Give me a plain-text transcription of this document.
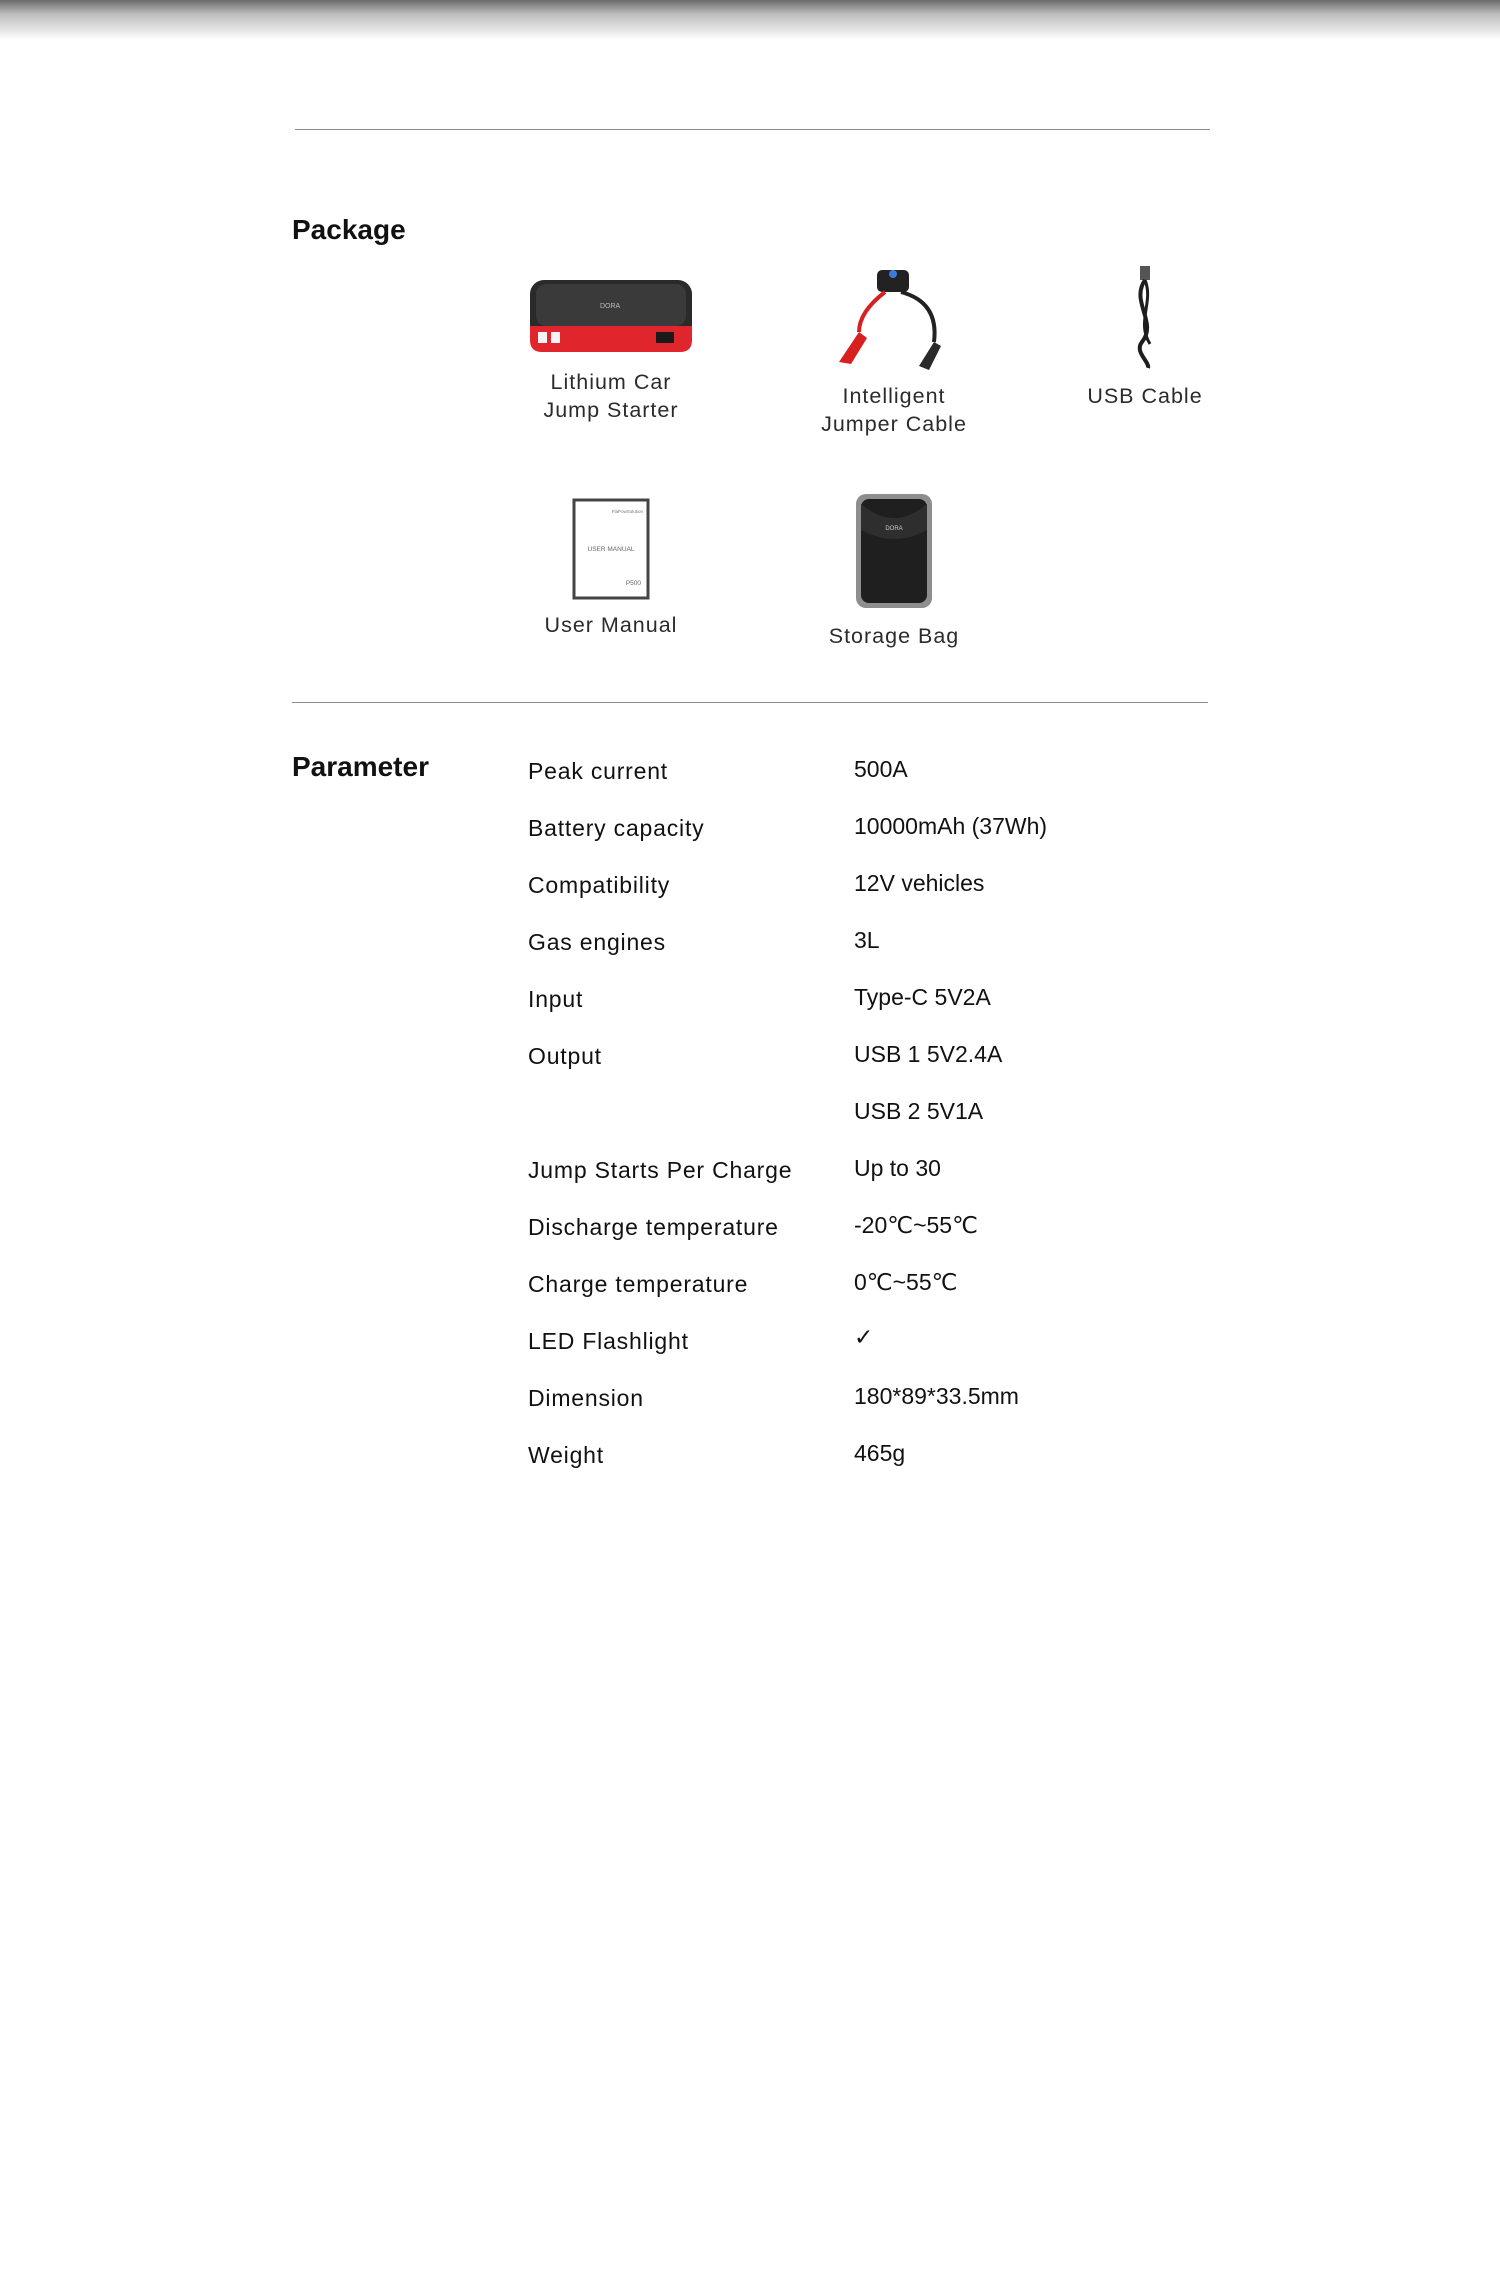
Package
DORA
Lithium Car
Jump Starter
Intelligent
Jumper Cable
USB Cable
FlaPowSolution
USER MANUAL
P500
User Manual
DORA
Storage Bag
Parameter	Peak current	500A
Battery capacity	10000mAh (37Wh)
Compatibility	12V vehicles
Gas engines	3L
Input	Type-C 5V2A
Output	USB 1 5V2.4A
USB 2 5V1A
Jump Starts Per Charge	Up to 30
Discharge temperature	-20℃~55℃
Charge temperature	0℃~55℃
LED Flashlight	✓
Dimension	180*89*33.5mm
Weight	465g
